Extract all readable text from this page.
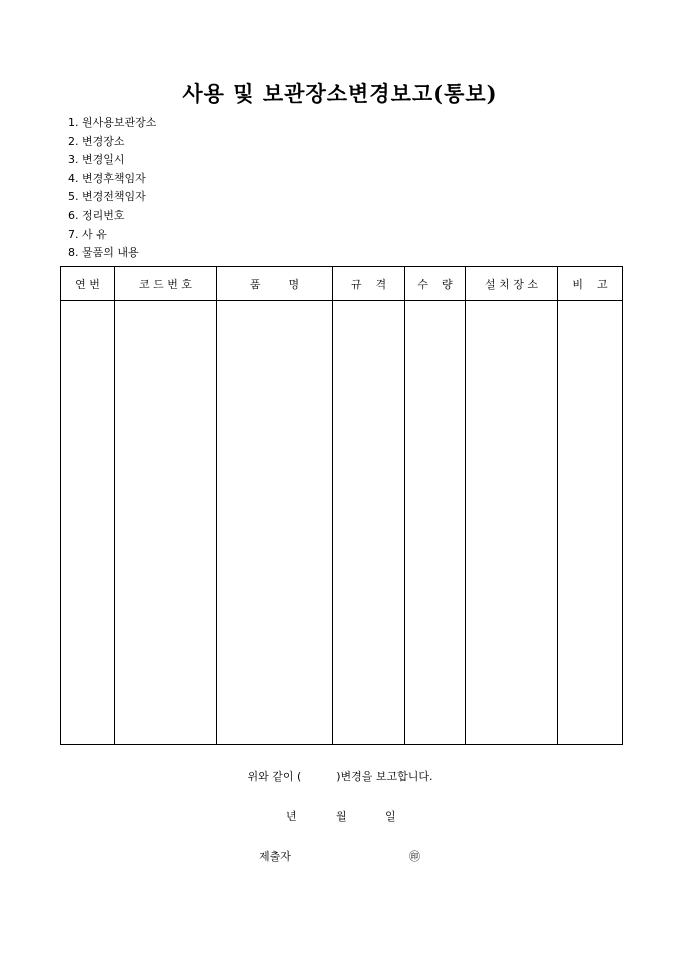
사용 및 보관장소변경보고(통보)
1. 원사용보관장소
2. 변경장소
3. 변경일시
4. 변경후책임자
5. 변경전책임자
6. 정리번호
7. 사 유
8. 물품의 내용
연 번	코 드 번 호	품        명	규    격	수    량	설 치 장 소	비    고

위와 같이 (          )변경을 보고합니다.
년	월	일
제출자	㊞
